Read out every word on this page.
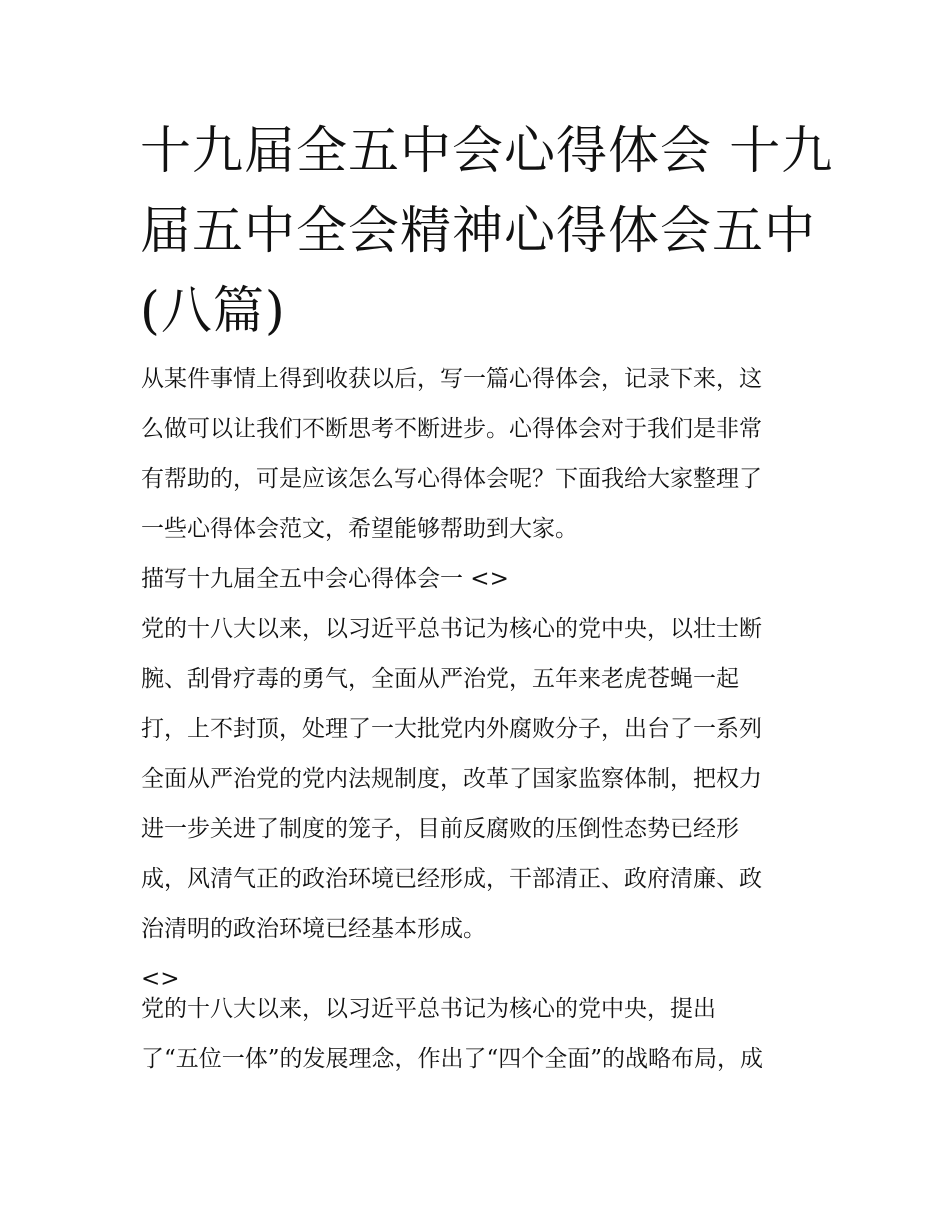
十九届全五中会心得体会 十九
届五中全会精神心得体会五中
(八篇)
从某件事情上得到收获以后，写一篇心得体会，记录下来，这
么做可以让我们不断思考不断进步。心得体会对于我们是非常
有帮助的，可是应该怎么写心得体会呢？下面我给大家整理了
一些心得体会范文，希望能够帮助到大家。
描写十九届全五中会心得体会一 <>
党的十八大以来，以习近平总书记为核心的党中央，以壮士断
腕、刮骨疗毒的勇气，全面从严治党，五年来老虎苍蝇一起
打，上不封顶，处理了一大批党内外腐败分子，出台了一系列
全面从严治党的党内法规制度，改革了国家监察体制，把权力
进一步关进了制度的笼子，目前反腐败的压倒性态势已经形
成，风清气正的政治环境已经形成，干部清正、政府清廉、政
治清明的政治环境已经基本形成。
<>
党的十八大以来，以习近平总书记为核心的党中央，提出
了“五位一体”的发展理念，作出了“四个全面”的战略布局，成
